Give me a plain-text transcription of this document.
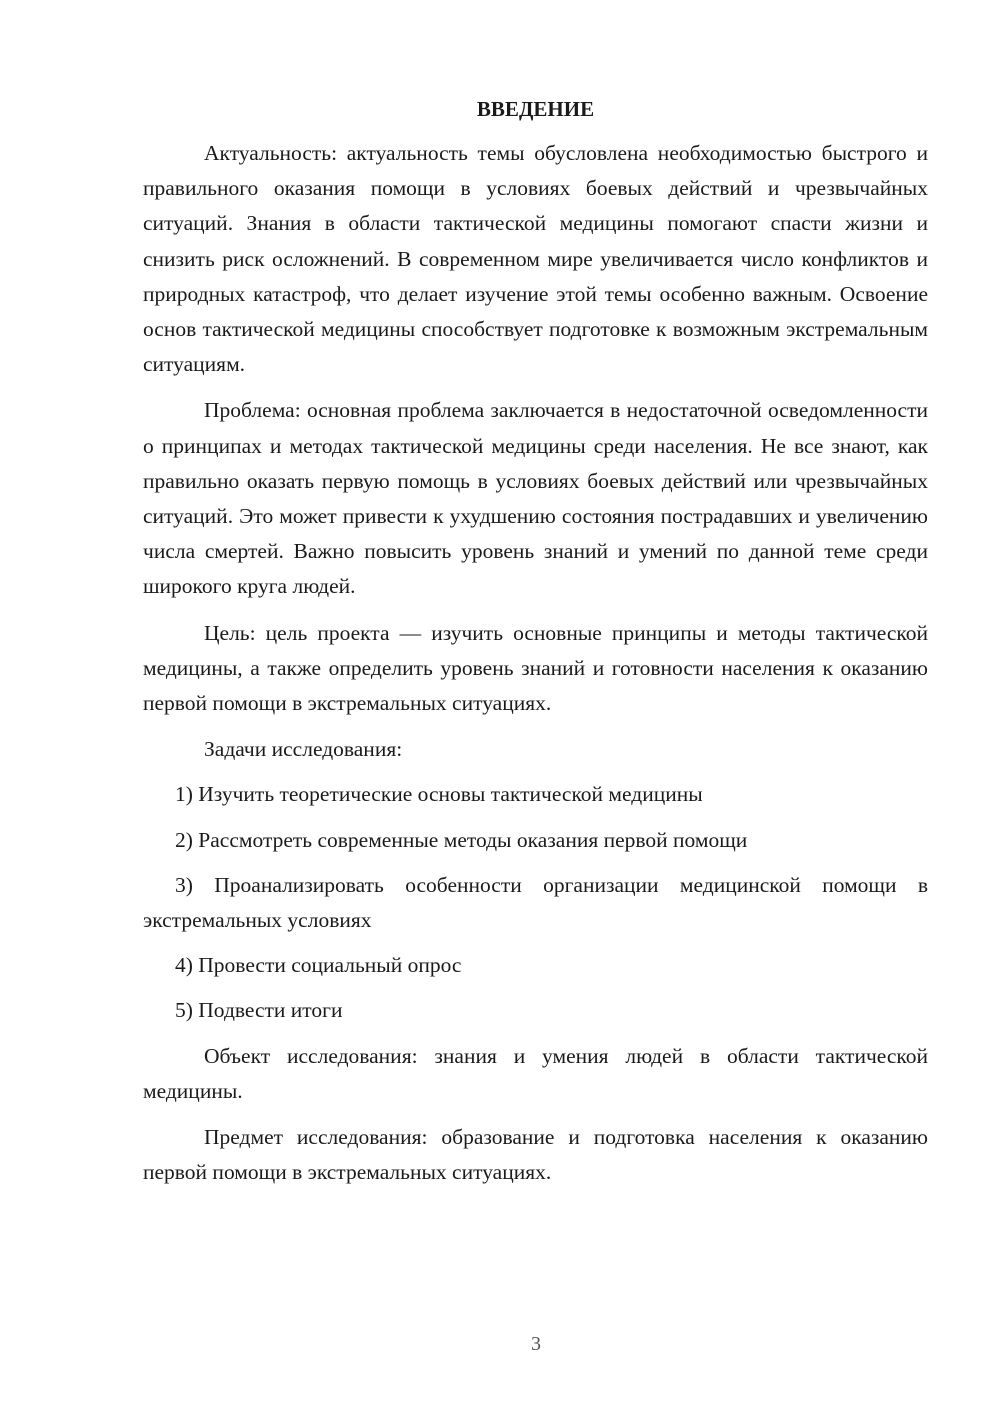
ВВЕДЕНИЕ

Актуальность: актуальность темы обусловлена необходимостью быстрого и правильного оказания помощи в условиях боевых действий и чрезвычайных ситуаций. Знания в области тактической медицины помогают спасти жизни и снизить риск осложнений. В современном мире увеличивается число конфликтов и природных катастроф, что делает изучение этой темы особенно важным. Освоение основ тактической медицины способствует подготовке к возможным экстремальным ситуациям.

Проблема: основная проблема заключается в недостаточной осведомленности о принципах и методах тактической медицины среди населения. Не все знают, как правильно оказать первую помощь в условиях боевых действий или чрезвычайных ситуаций. Это может привести к ухудшению состояния пострадавших и увеличению числа смертей. Важно повысить уровень знаний и умений по данной теме среди широкого круга людей.

Цель: цель проекта — изучить основные принципы и методы тактической медицины, а также определить уровень знаний и готовности населения к оказанию первой помощи в экстремальных ситуациях.

Задачи исследования:

1) Изучить теоретические основы тактической медицины

2) Рассмотреть современные методы оказания первой помощи

3) Проанализировать особенности организации медицинской помощи в экстремальных условиях

4) Провести социальный опрос

5) Подвести итоги

Объект исследования: знания и умения людей в области тактической медицины.

Предмет исследования: образование и подготовка населения к оказанию первой помощи в экстремальных ситуациях.

3
